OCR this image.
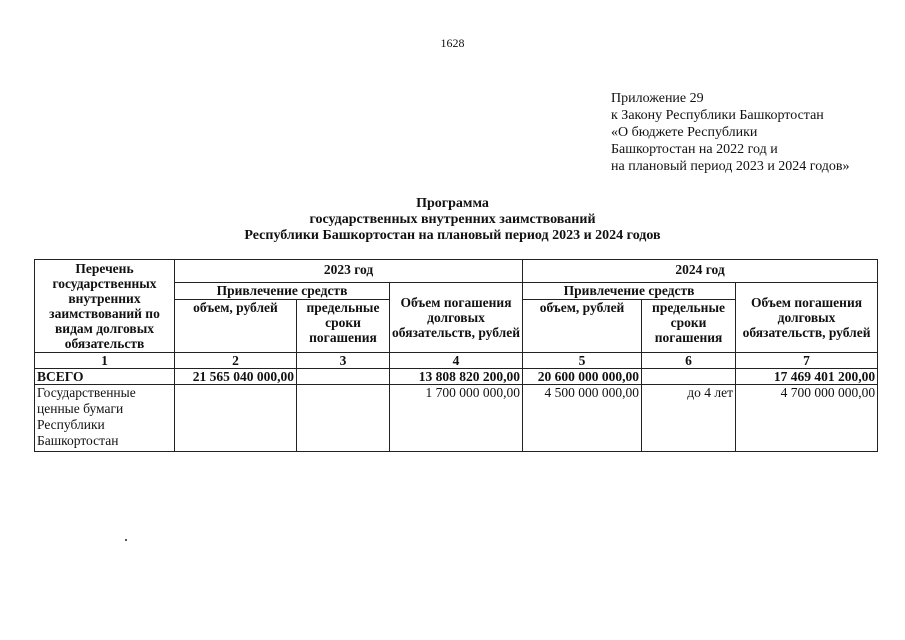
1628
Приложение 29
к Закону Республики Башкортостан
«О бюджете Республики
Башкортостан на 2022 год и
на плановый период 2023 и 2024 годов»
Программа
государственных внутренних заимствований
Республики Башкортостан на плановый период 2023 и 2024 годов
Перечень государственных внутренних заимствований по видам долговых обязательств	2023 год			2024 год		
	Привлечение средств		Объем погашения долговых обязательств, рублей	Привлечение средств		Объем погашения долговых обязательств, рублей
	объем, рублей	предельные сроки погашения		объем, рублей	предельные сроки погашения	
1	2	3	4	5	6	7
ВСЕГО	21 565 040 000,00		13 808 820 200,00	20 600 000 000,00		17 469 401 200,00
Государственные ценные бумаги Республики Башкортостан			1 700 000 000,00	4 500 000 000,00	до 4 лет	4 700 000 000,00
